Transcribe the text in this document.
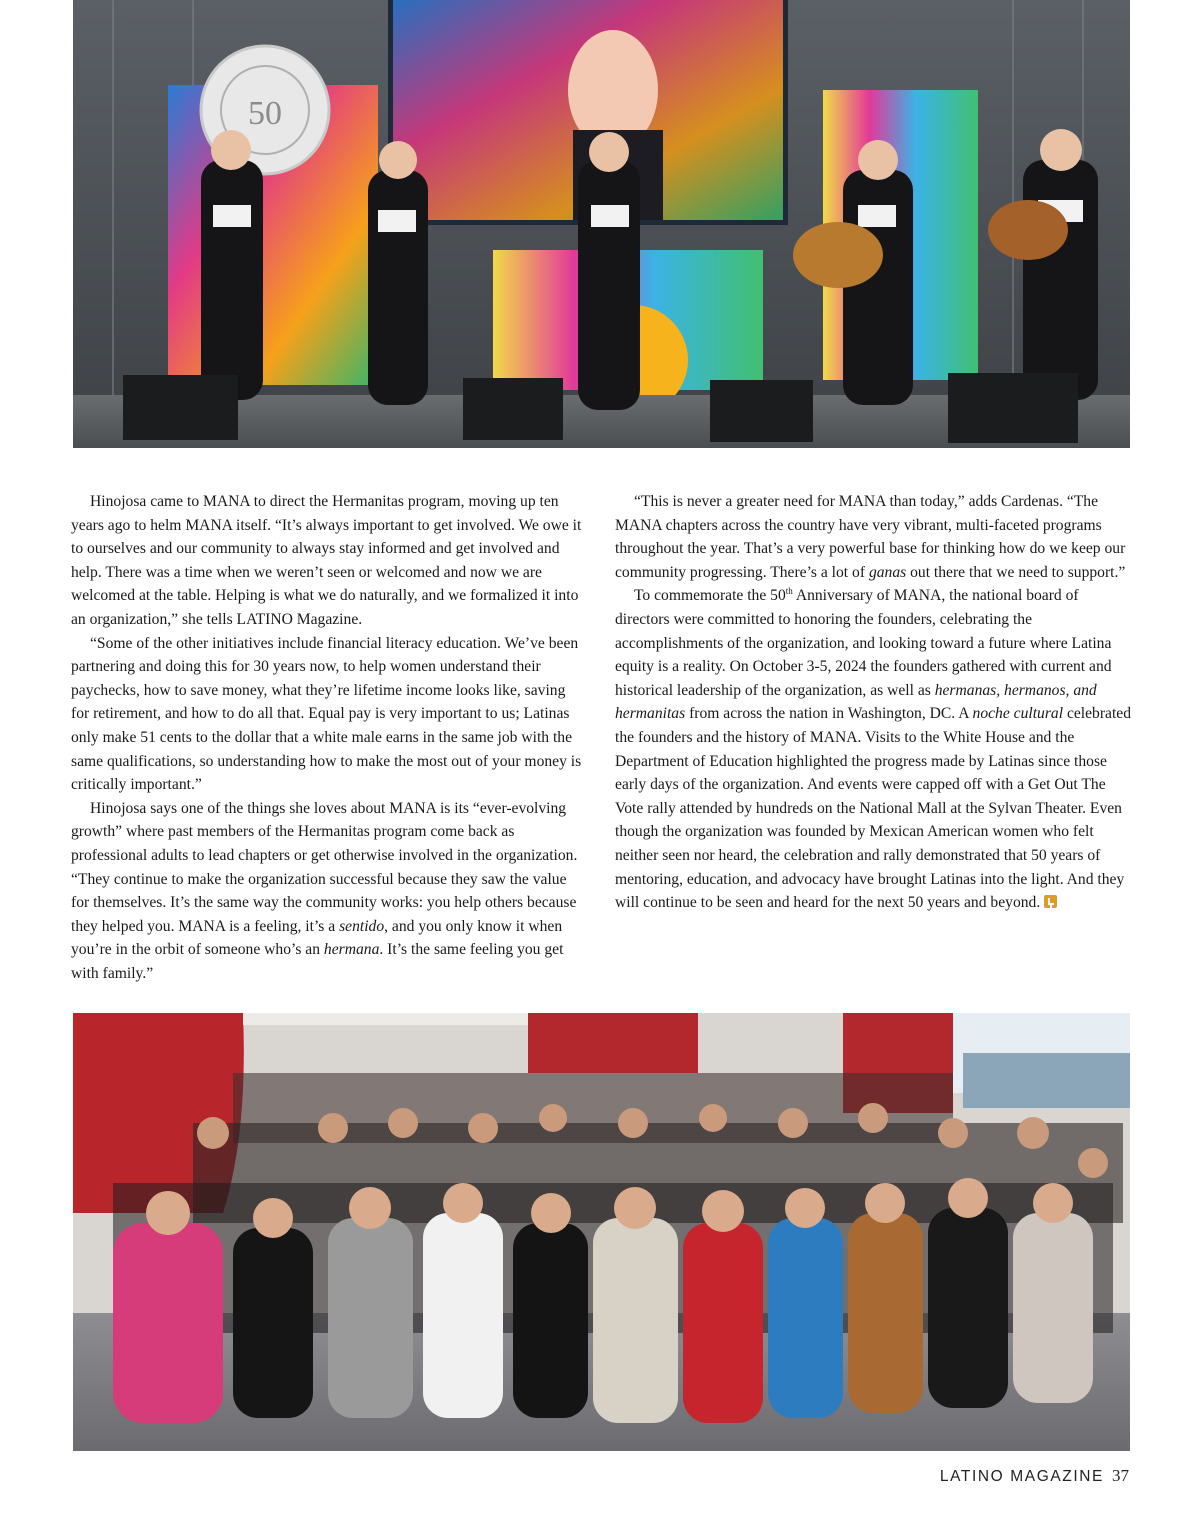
50

Hinojosa came to MANA to direct the Hermanitas program, moving up ten years ago to helm MANA itself. “It’s always important to get involved. We owe it to ourselves and our community to always stay informed and get involved and help. There was a time when we weren’t seen or welcomed and now we are welcomed at the table. Helping is what we do naturally, and we formalized it into an organization,” she tells LATINO Magazine.

“Some of the other initiatives include financial literacy education. We’ve been partnering and doing this for 30 years now, to help women understand their paychecks, how to save money, what they’re lifetime income looks like, saving for retirement, and how to do all that. Equal pay is very important to us; Latinas only make 51 cents to the dollar that a white male earns in the same job with the same qualifications, so understanding how to make the most out of your money is critically important.”

Hinojosa says one of the things she loves about MANA is its “ever-evolving growth” where past members of the Hermanitas program come back as professional adults to lead chapters or get otherwise involved in the organization. “They continue to make the organization successful because they saw the value for themselves. It’s the same way the community works: you help others because they helped you. MANA is a feeling, it’s a sentido, and you only know it when you’re in the orbit of someone who’s an hermana. It’s the same feeling you get with family.”

“This is never a greater need for MANA than today,” adds Cardenas. “The MANA chapters across the country have very vibrant, multi-faceted programs throughout the year. That’s a very powerful base for thinking how do we keep our community progressing. There’s a lot of ganas out there that we need to support.”

To commemorate the 50th Anniversary of MANA, the national board of directors were committed to honoring the founders, celebrating the accomplishments of the organization, and looking toward a future where Latina equity is a reality. On October 3-5, 2024 the founders gathered with current and historical leadership of the organization, as well as hermanas, hermanos, and hermanitas from across the nation in Washington, DC. A noche cultural celebrated the founders and the history of MANA. Visits to the White House and the Department of Education highlighted the progress made by Latinas since those early days of the organization. And events were capped off with a Get Out The Vote rally attended by hundreds on the National Mall at the Sylvan Theater. Even though the organization was founded by Mexican American women who felt neither seen nor heard, the celebration and rally demonstrated that 50 years of mentoring, education, and advocacy have brought Latinas into the light. And they will continue to be seen and heard for the next 50 years and beyond.

LATINO MAGAZINE 37
